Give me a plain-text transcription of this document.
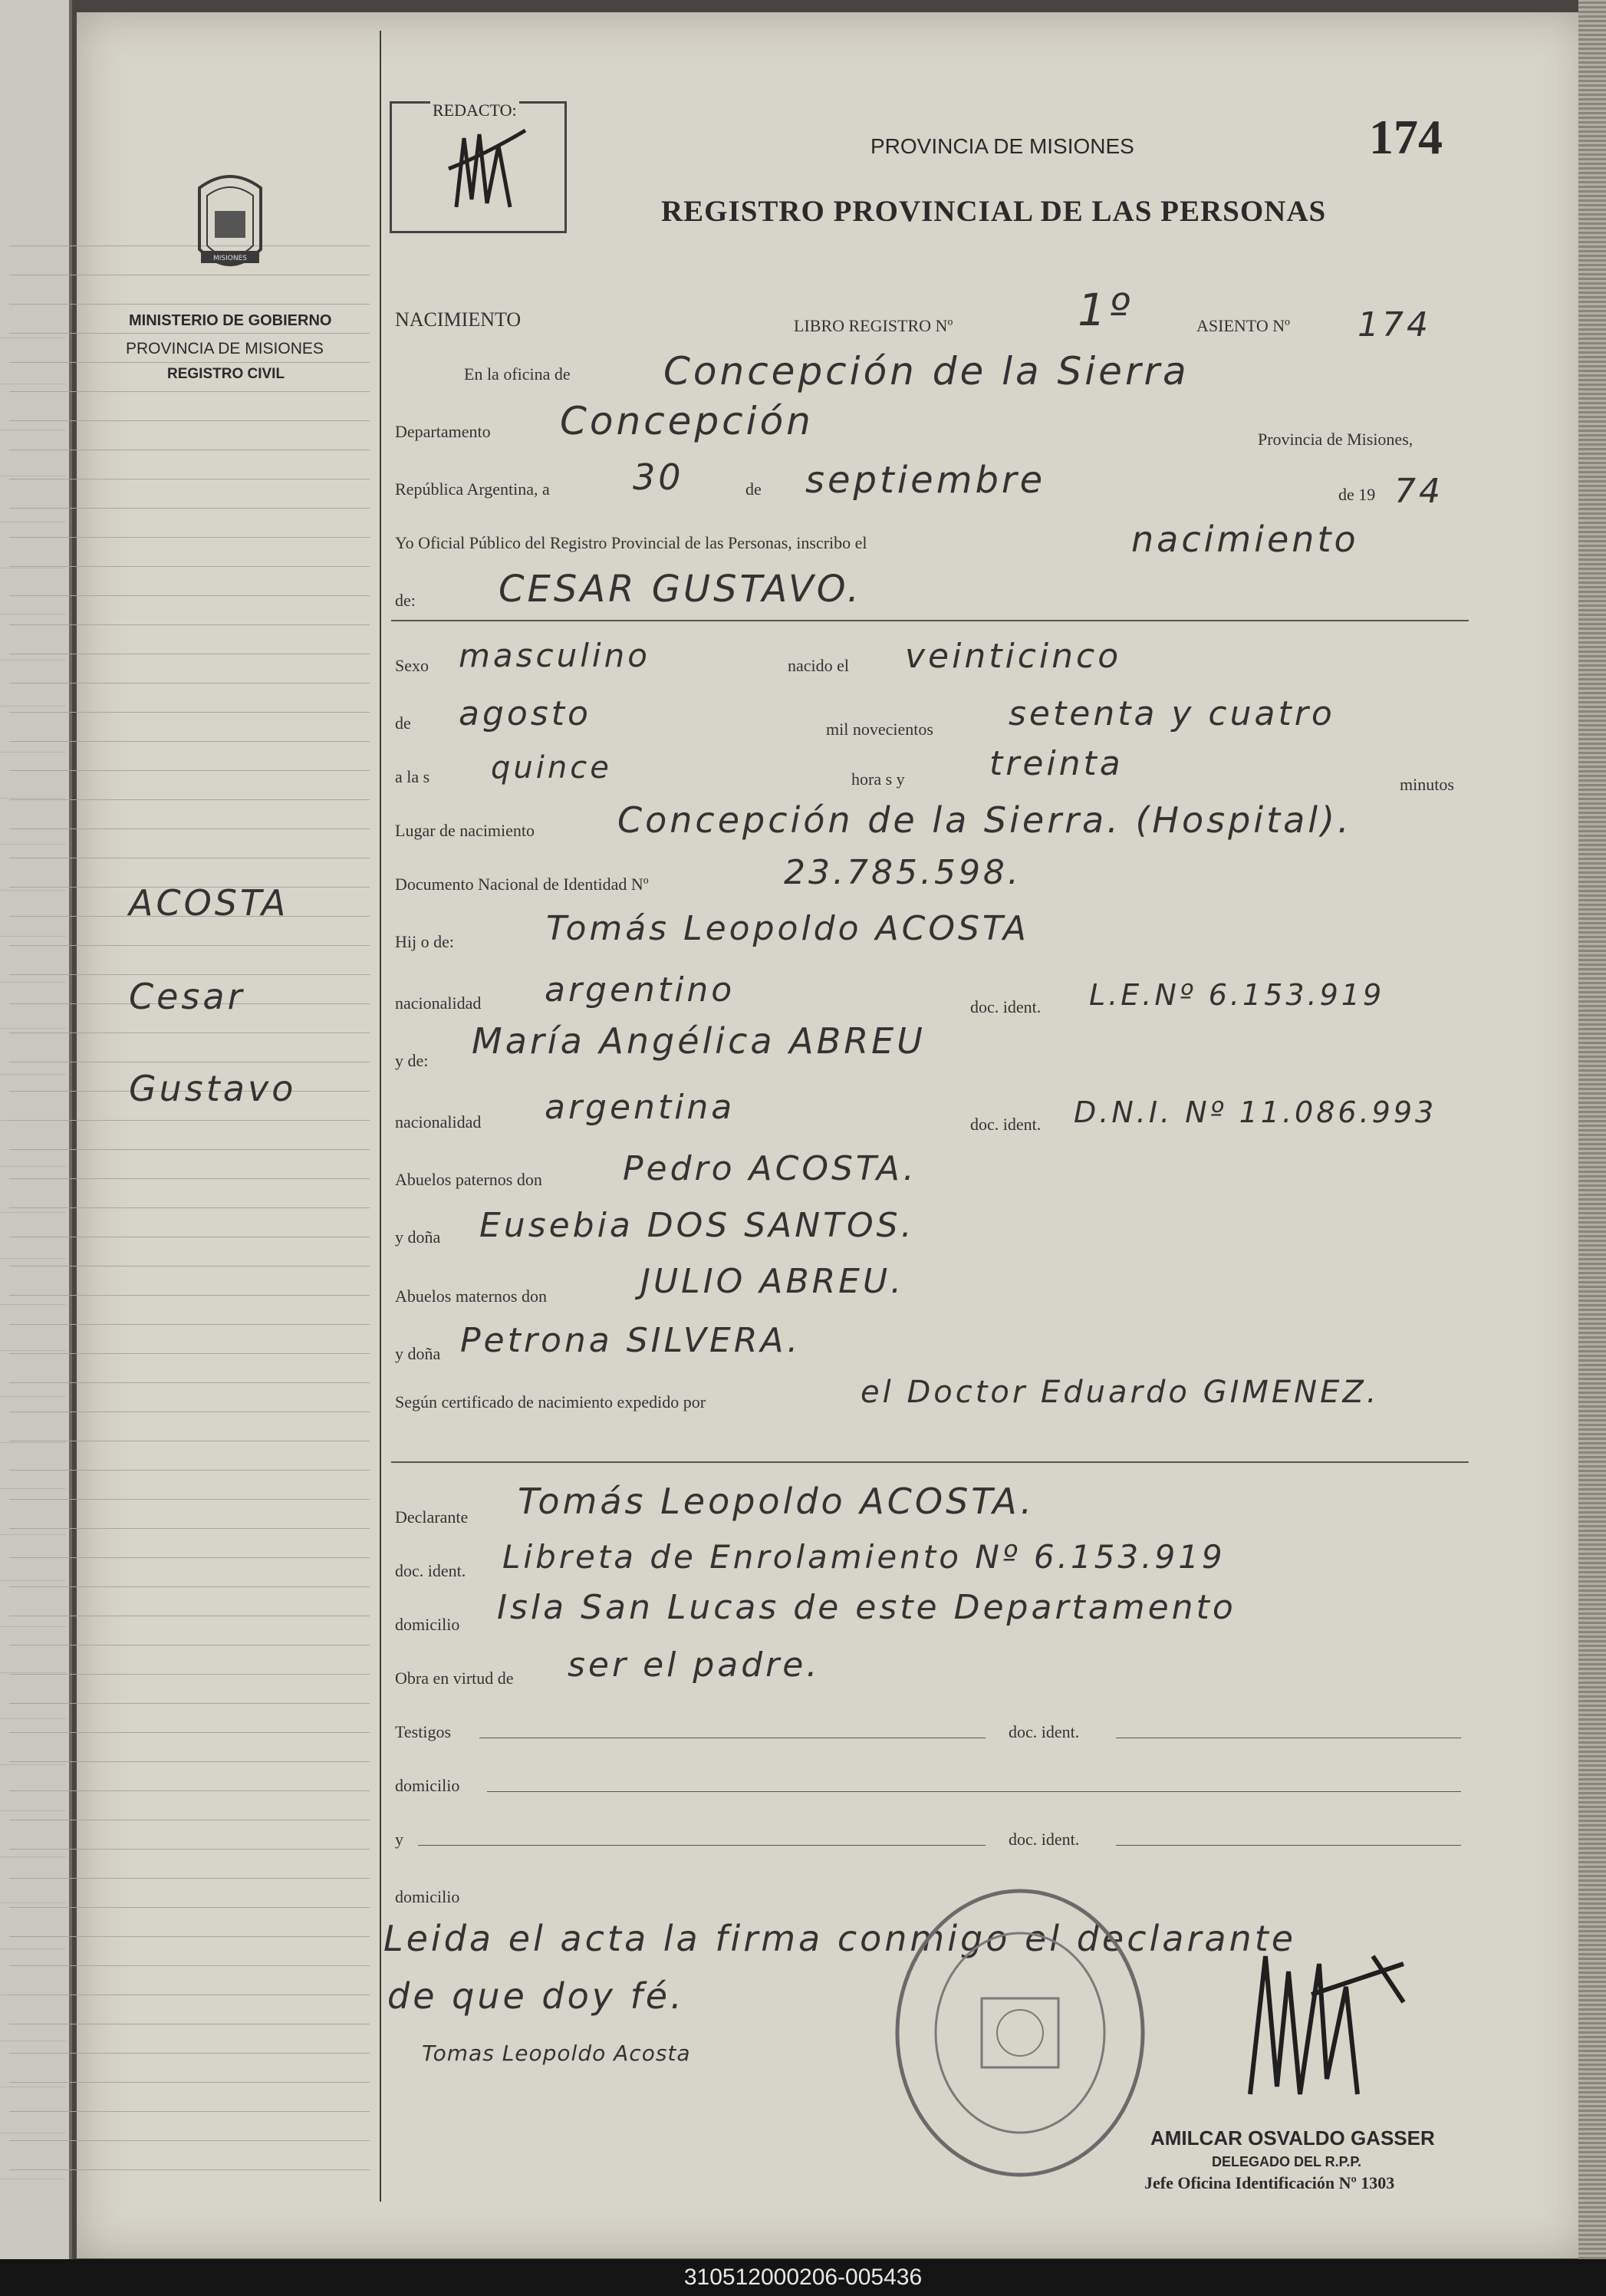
MISIONES
MINISTERIO DE GOBIERNO
PROVINCIA DE MISIONES
REGISTRO CIVIL
ACOSTA
Cesar
Gustavo
REDACTO:
PROVINCIA DE MISIONES
REGISTRO PROVINCIAL DE LAS PERSONAS
174
NACIMIENTO	LIBRO REGISTRO Nº	1º	ASIENTO Nº 174
En la oficina de Concepción de la Sierra
Departamento Concepción	Provincia de Misiones,
República Argentina, a 30	de septiembre	de 19 74
Yo Oficial Público del Registro Provincial de las Personas, inscribo el	nacimiento
de: CESAR GUSTAVO.
Sexo masculino	nacido el veinticinco
de agosto	mil novecientos setenta y cuatro
a la s quince	hora s y	treinta
minutos
Lugar de nacimiento Concepción de la Sierra. (Hospital).
Documento Nacional de Identidad Nº	23.785.598.
Hij o de:	Tomás Leopoldo ACOSTA
nacionalidad argentino	doc. ident. L.E.Nº 6.153.919
y de: María Angélica ABREU
nacionalidad argentina	doc. ident. D.N.I. Nº 11.086.993
Abuelos paternos don Pedro ACOSTA.
y doña Eusebia DOS SANTOS.
Abuelos maternos don	JULIO ABREU.
y doña Petrona SILVERA.
Según certificado de nacimiento expedido por	el Doctor Eduardo GIMENEZ.
Declarante Tomás Leopoldo ACOSTA.
doc. ident. Libreta de Enrolamiento Nº 6.153.919
domicilio Isla San Lucas de este Departamento
Obra en virtud de ser el padre.
Testigos	doc. ident.
domicilio
y	doc. ident.
domicilio
Leida el acta la firma conmigo el declarante
de que doy fé.
Tomas Leopoldo Acosta
AMILCAR OSVALDO GASSER
DELEGADO DEL R.P.P.
Jefe Oficina Identificación Nº 1303
310512000206-005436
